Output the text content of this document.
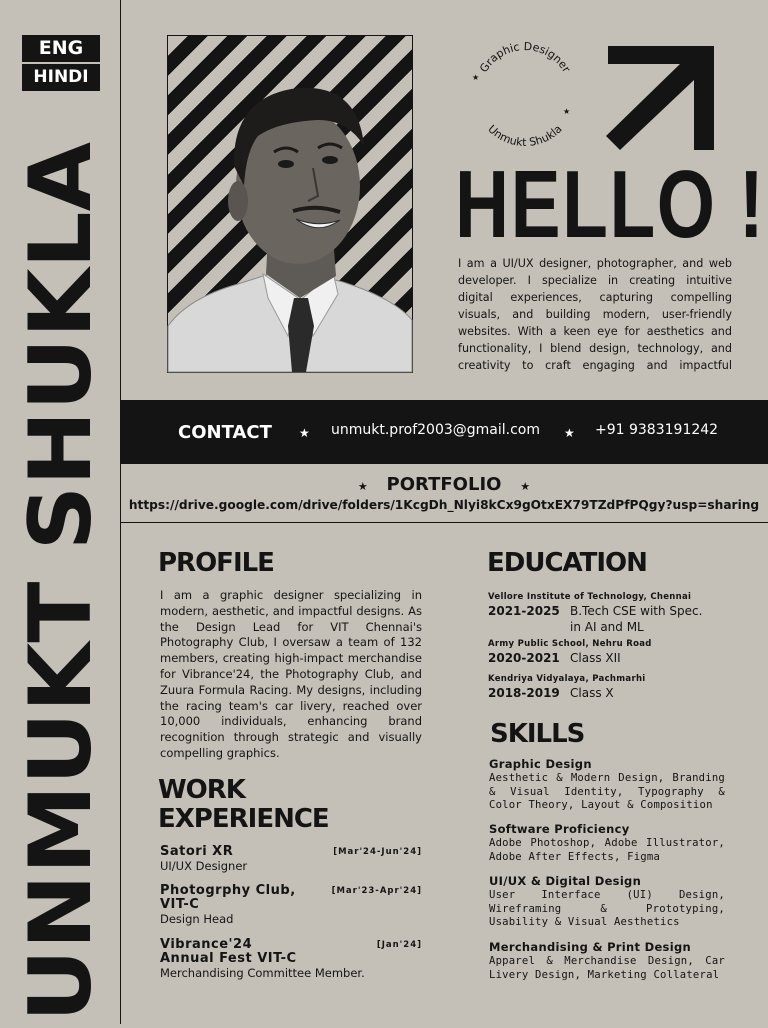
ENG
HINDI
UNMUKT SHUKLA
Graphic Designer
Unmukt Shukla
★
★
HELLO !
I am a UI/UX designer, photographer, and web developer. I specialize in creating intuitive digital experiences, capturing compelling visuals, and building modern, user-friendly websites. With a keen eye for aesthetics and functionality, I blend design, technology, and creativity to craft engaging and impactful
CONTACT ★ unmukt.prof2003@gmail.com ★ +91 9383191242
★ PORTFOLIO ★
https://drive.google.com/drive/folders/1KcgDh_Nlyi8kCx9gOtxEX79TZdPfPQgy?usp=sharing
PROFILE
I am a graphic designer specializing in modern, aesthetic, and impactful designs. As the Design Lead for VIT Chennai's Photography Club, I oversaw a team of 132 members, creating high-impact merchandise for Vibrance'24, the Photography Club, and Zuura Formula Racing. My designs, including the racing team's car livery, reached over 10,000 individuals, enhancing brand recognition through strategic and visually compelling graphics.
WORK
EXPERIENCE
Satori XR	[Mar'24-Jun'24]
UI/UX Designer
Photogrphy Club, VIT-C
[Mar'23-Apr'24]
Design Head
Vibrance'24 Annual Fest VIT-C
[Jan'24]
Merchandising Committee Member.
EDUCATION
Vellore Institute of Technology, Chennai
2021-2025 B.Tech CSE with Spec. in AI and ML
Army Public School, Nehru Road
2020-2021 Class XII
Kendriya Vidyalaya, Pachmarhi
2018-2019 Class X
SKILLS
Graphic Design
Aesthetic & Modern Design, Branding & Visual Identity, Typography & Color Theory, Layout & Composition
Software Proficiency
Adobe Photoshop, Adobe Illustrator, Adobe After Effects, Figma
UI/UX & Digital Design
User Interface (UI) Design, Wireframing & Prototyping, Usability & Visual Aesthetics
Merchandising & Print Design
Apparel & Merchandise Design, Car Livery Design, Marketing Collateral
